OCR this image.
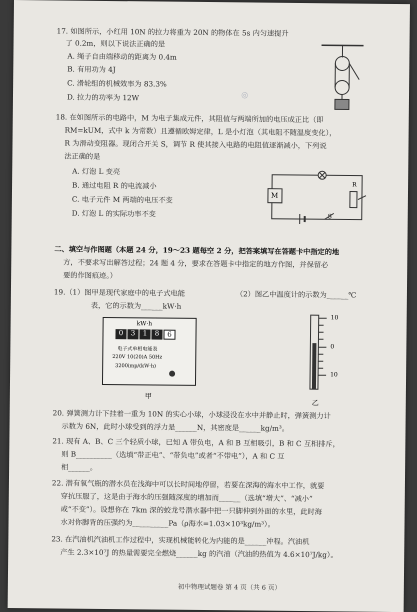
17. 如图所示，小红用 10N 的拉力将重为 20N 的物体在 5s 内匀速提升
了 0.2m，则以下说法正确的是
A. 绳子自由端移动的距离为 0.4m
B. 有用功为 4J
C. 滑轮组的机械效率为 83.3%
D. 拉力的功率为 12W	◎
18. 在如图所示的电路中，M 为电子集成元件，其阻值与两端所加的电压成正比（即
RM=kUM，式中 k 为常数）且遵循欧姆定律，L 是小灯泡（其电阻不随温度变化），
R 为滑动变阻器。现闭合开关 S，调节 R 使其接入电路的电阻值逐渐减小，下列说
法正确的是
A. 灯泡 L 变亮
B. 通过电阻 R 的电流减小
C. 电子元件 M 两端的电压不变
D. 灯泡 L 的实际功率不变
M
R
S
二、填空与作图题（本题 24 分，19～23 题每空 2 分，把答案填写在答题卡中指定的地
方，不要求写出解答过程；24 题 4 分，要求在答题卡中指定的地方作图，并保留必
要的作图痕迹。）
19.（1）图甲是现代家庭中的电子式电能	（2）图乙中温度计的示数为______℃
表，它的示数为______kW·h
kW·h
0	3	1	8	6
电子式单相电能表
220V 10(20)A 50Hz
3200imp/(kW·h)
甲
10
0
10
乙
20. 弹簧测力计下挂着一重为 10N 的实心小球，小球浸没在水中并静止时，弹簧测力计
示数为 6N，此时小球受到的浮力是______N，其密度是______kg/m³。
21. 现有 A、B、C 三个轻质小球，已知 A 带负电，A 和 B 互相吸引，B 和 C 互相排斥，
则 B__________（选填“带正电”、“带负电”或者“不带电”），A 和 C 互
相______。
22. 潜有氧气瓶的潜水员在浅海中可以长时间地停留，若要在深海的海水中工作，就要
穿抗压服了，这是由于海水的压强随深度的增加而______（选填“增大”、“减小”
或“不变”）。设想你在 7km 深的蛟龙号潜水器中把一只脚伸到外面的水里，此时海
水对你脚背的压强约为__________Pa（ρ海水=1.03×10³kg/m³）。
23. 在汽油机汽油机工作过程中，实现机械能转化为内能的是______冲程。汽油机
产生 2.3×10⁷J 的热量需要完全燃烧______kg 的汽油（汽油的热值为 4.6×10⁷J/kg）。
初中物理试题卷 第 4 页（共 6 页）
